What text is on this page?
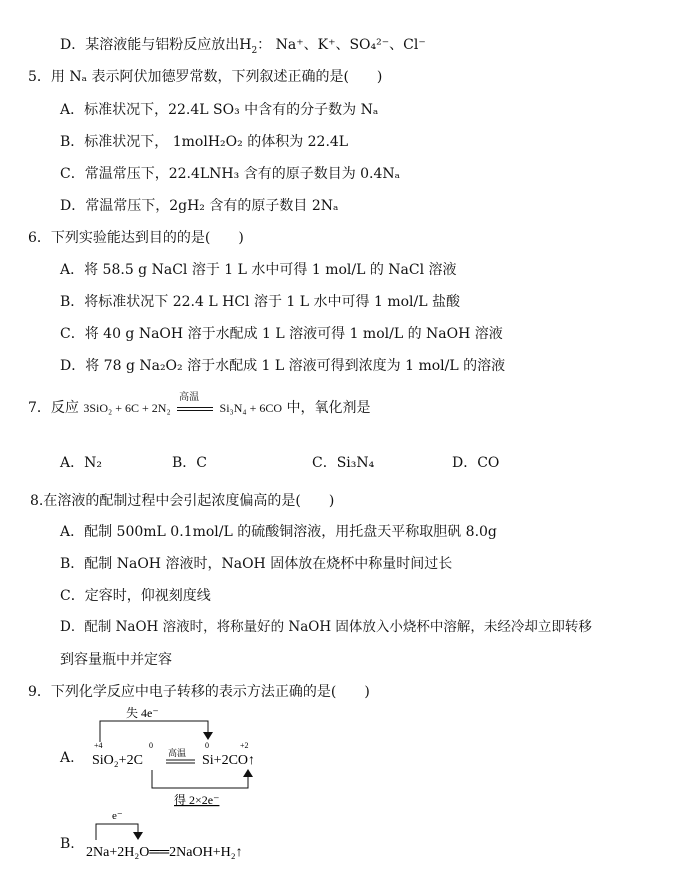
D．某溶液能与铝粉反应放出$H_2$： Na⁺、K⁺、SO₄²⁻、Cl⁻
5．用 Nₐ 表示阿伏加德罗常数，下列叙述正确的是(　　)
A．标准状况下，22.4L SO₃ 中含有的分子数为 Nₐ
B．标准状况下， 1molH₂O₂ 的体积为 22.4L
C．常温常压下，22.4LNH₃ 含有的原子数目为 0.4Nₐ
D．常温常压下，2gH₂ 含有的原子数目 2Nₐ
6．下列实验能达到目的的是(　　)
A．将 58.5 g NaCl 溶于 1 L 水中可得 1 mol/L 的 NaCl 溶液
B．将标准状况下 22.4 L HCl 溶于 1 L 水中可得 1 mol/L 盐酸
C．将 40 g NaOH 溶于水配成 1 L 溶液可得 1 mol/L 的 NaOH 溶液
D．将 78 g Na₂O₂ 溶于水配成 1 L 溶液可得到浓度为 1 mol/L 的溶液
7．反应 3SiO₂ + 6C + 2N₂
高温
Si₃N₄ + 6CO 中，氧化剂是
A．N₂	B．C	C．Si₃N₄	D．CO
8.在溶液的配制过程中会引起浓度偏高的是(　　)
A．配制 500mL 0.1mol/L 的硫酸铜溶液，用托盘天平称取胆矾 8.0g
B．配制 NaOH 溶液时，NaOH 固体放在烧杯中称量时间过长
C．定容时，仰视刻度线
D．配制 NaOH 溶液时，将称量好的 NaOH 固体放入小烧杯中溶解，未经冷却立即转移
到容量瓶中并定容
9．下列化学反应中电子转移的表示方法正确的是(　　)
A.
失 4e⁻
+4	0	0	+2
SiO₂+2C	高温 Si+2CO↑
得 2×2e⁻
B.
e⁻
2Na+2H₂O══2NaOH+H₂↑
